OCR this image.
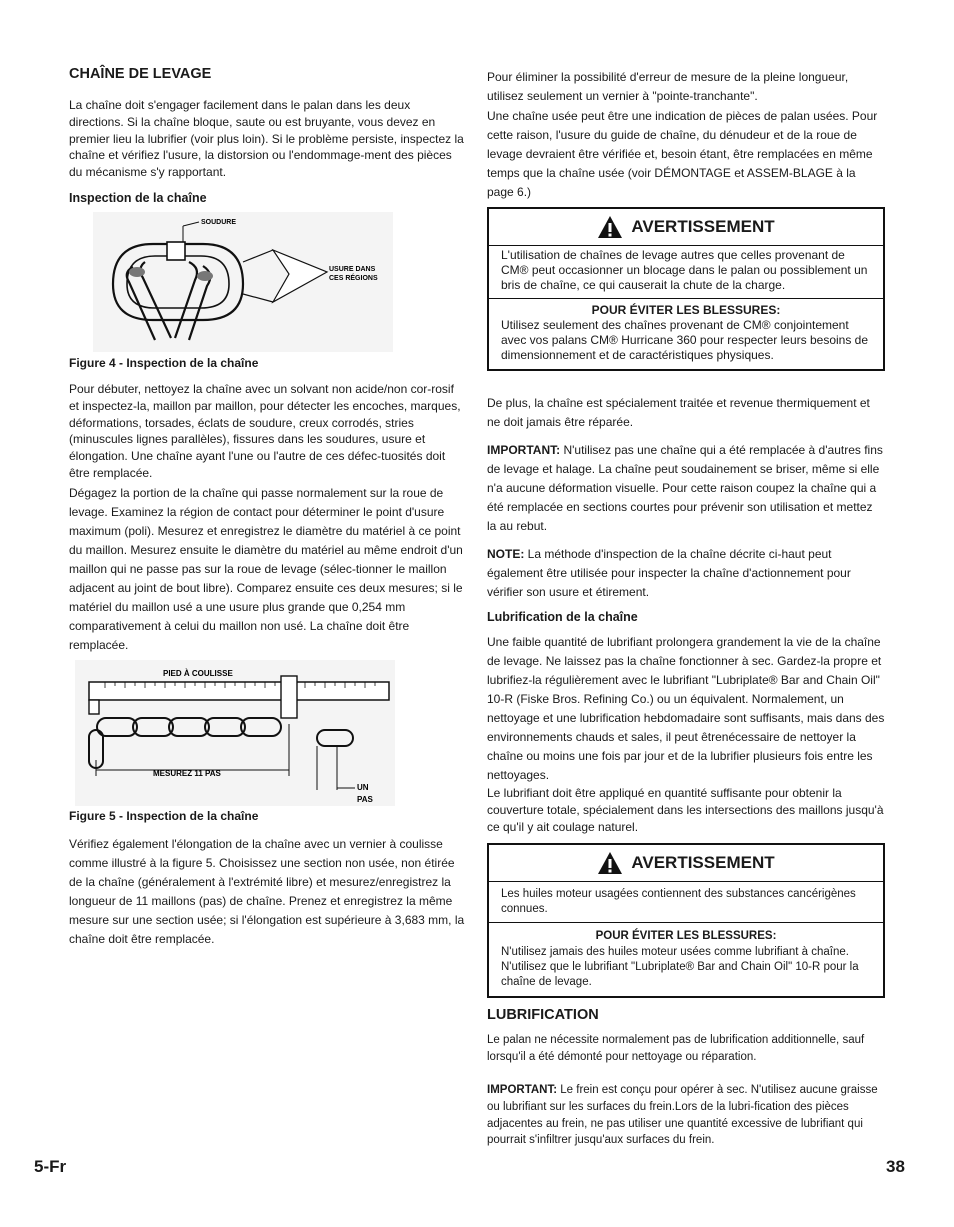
CHAÎNE DE LEVAGE

La chaîne doit s'engager facilement dans le palan dans les deux directions. Si la chaîne bloque, saute ou est bruyante, vous devez en premier lieu la lubrifier (voir plus loin). Si le problème persiste, inspectez la chaîne et vérifiez l'usure, la distorsion ou l'endommage-ment des pièces du mécanisme s'y rapportant.

Inspection de la chaîne
SOUDURE
USURE DANS
CES RÉGIONS

Figure 4 - Inspection de la chaîne

Pour débuter, nettoyez la chaîne avec un solvant non acide/non cor-rosif et inspectez-la, maillon par maillon, pour détecter les encoches, marques, déformations, torsades, éclats de soudure, creux corrodés, stries (minuscules lignes parallèles), fissures dans les soudures, usure et élongation. Une chaîne ayant l'une ou l'autre de ces défec-tuosités doit être remplacée.

Dégagez la portion de la chaîne qui passe normalement sur la roue de levage. Examinez la région de contact pour déterminer le point d'usure maximum (poli). Mesurez et enregistrez le diamètre du matériel à ce point du maillon. Mesurez ensuite le diamètre du matériel au même endroit d'un maillon qui ne passe pas sur la roue de levage (sélec-tionner le maillon adjacent au joint de bout libre). Comparez ensuite ces deux mesures; si le matériel du maillon usé a une usure plus grande que 0,254 mm comparativement à celui du maillon non usé. La chaîne doit être remplacée.

PIED À COULISSE
MESUREZ 11 PAS
UN
PAS

Figure 5 - Inspection de la chaîne

Vérifiez également l'élongation de la chaîne avec un vernier à coulisse comme illustré à la figure 5. Choisissez une section non usée, non étirée de la chaîne (généralement à l'extrémité libre) et mesurez/enregistrez la longueur de 11 maillons (pas) de chaîne. Prenez et enregistrez la même mesure sur une section usée; si l'élongation est supérieure à 3,683 mm, la chaîne doit être remplacée.

Pour éliminer la possibilité d'erreur de mesure de la pleine longueur, utilisez seulement un vernier à "pointe-tranchante".

Une chaîne usée peut être une indication de pièces de palan usées. Pour cette raison, l'usure du guide de chaîne, du dénudeur et de la roue de levage devraient être vérifiée et, besoin étant, être remplacées en même temps que la chaîne usée (voir DÉMONTAGE et ASSEM-BLAGE à la page 6.)

AVERTISSEMENT
L'utilisation de chaînes de levage autres que celles provenant de CM® peut occasionner un blocage dans le palan ou possiblement un bris de chaîne, ce qui causerait la chute de la charge.
POUR ÉVITER LES BLESSURES:
Utilisez seulement des chaînes provenant de CM® conjointement avec vos palans CM® Hurricane 360 pour respecter leurs besoins de dimensionnement et de caractéristiques physiques.

De plus, la chaîne est spécialement traitée et revenue thermiquement et ne doit jamais être réparée.

IMPORTANT: N'utilisez pas une chaîne qui a été remplacée à d'autres fins de levage et halage. La chaîne peut soudainement se briser, même si elle n'a aucune déformation visuelle. Pour cette raison coupez la chaîne qui a été remplacée en sections courtes pour prévenir son utilisation et mettez la au rebut.

NOTE: La méthode d'inspection de la chaîne décrite ci-haut peut également être utilisée pour inspecter la chaîne d'actionnement pour vérifier son usure et étirement.

Lubrification de la chaîne

Une faible quantité de lubrifiant prolongera grandement la vie de la chaîne de levage. Ne laissez pas la chaîne fonctionner à sec. Gardez-la propre et lubrifiez-la régulièrement avec le lubrifiant "Lubriplate® Bar and Chain Oil" 10-R (Fiske Bros. Refining Co.) ou un équivalent. Normalement, un nettoyage et une lubrification hebdomadaire sont suffisants, mais dans des environnements chauds et sales, il peut êtrenécessaire de nettoyer la chaîne ou moins une fois par jour et de la lubrifier plusieurs fois entre les nettoyages.

Le lubrifiant doit être appliqué en quantité suffisante pour obtenir la couverture totale, spécialement dans les intersections des maillons jusqu'à ce qu'il y ait coulage naturel.

AVERTISSEMENT
Les huiles moteur usagées contiennent des substances cancérigènes connues.
POUR ÉVITER LES BLESSURES:
N'utilisez jamais des huiles moteur usées comme lubrifiant à chaîne. N'utilisez que le lubrifiant "Lubriplate® Bar and Chain Oil" 10-R pour la chaîne de levage.
LUBRIFICATION

Le palan ne nécessite normalement pas de lubrification additionnelle, sauf lorsqu'il a été démonté pour nettoyage ou réparation.

IMPORTANT: Le frein est conçu pour opérer à sec. N'utilisez aucune graisse ou lubrifiant sur les surfaces du frein.Lors de la lubri-fication des pièces adjacentes au frein, ne pas utiliser une quantité excessive de lubrifiant qui pourrait s'infiltrer jusqu'aux surfaces du frein.

5-Fr	38
